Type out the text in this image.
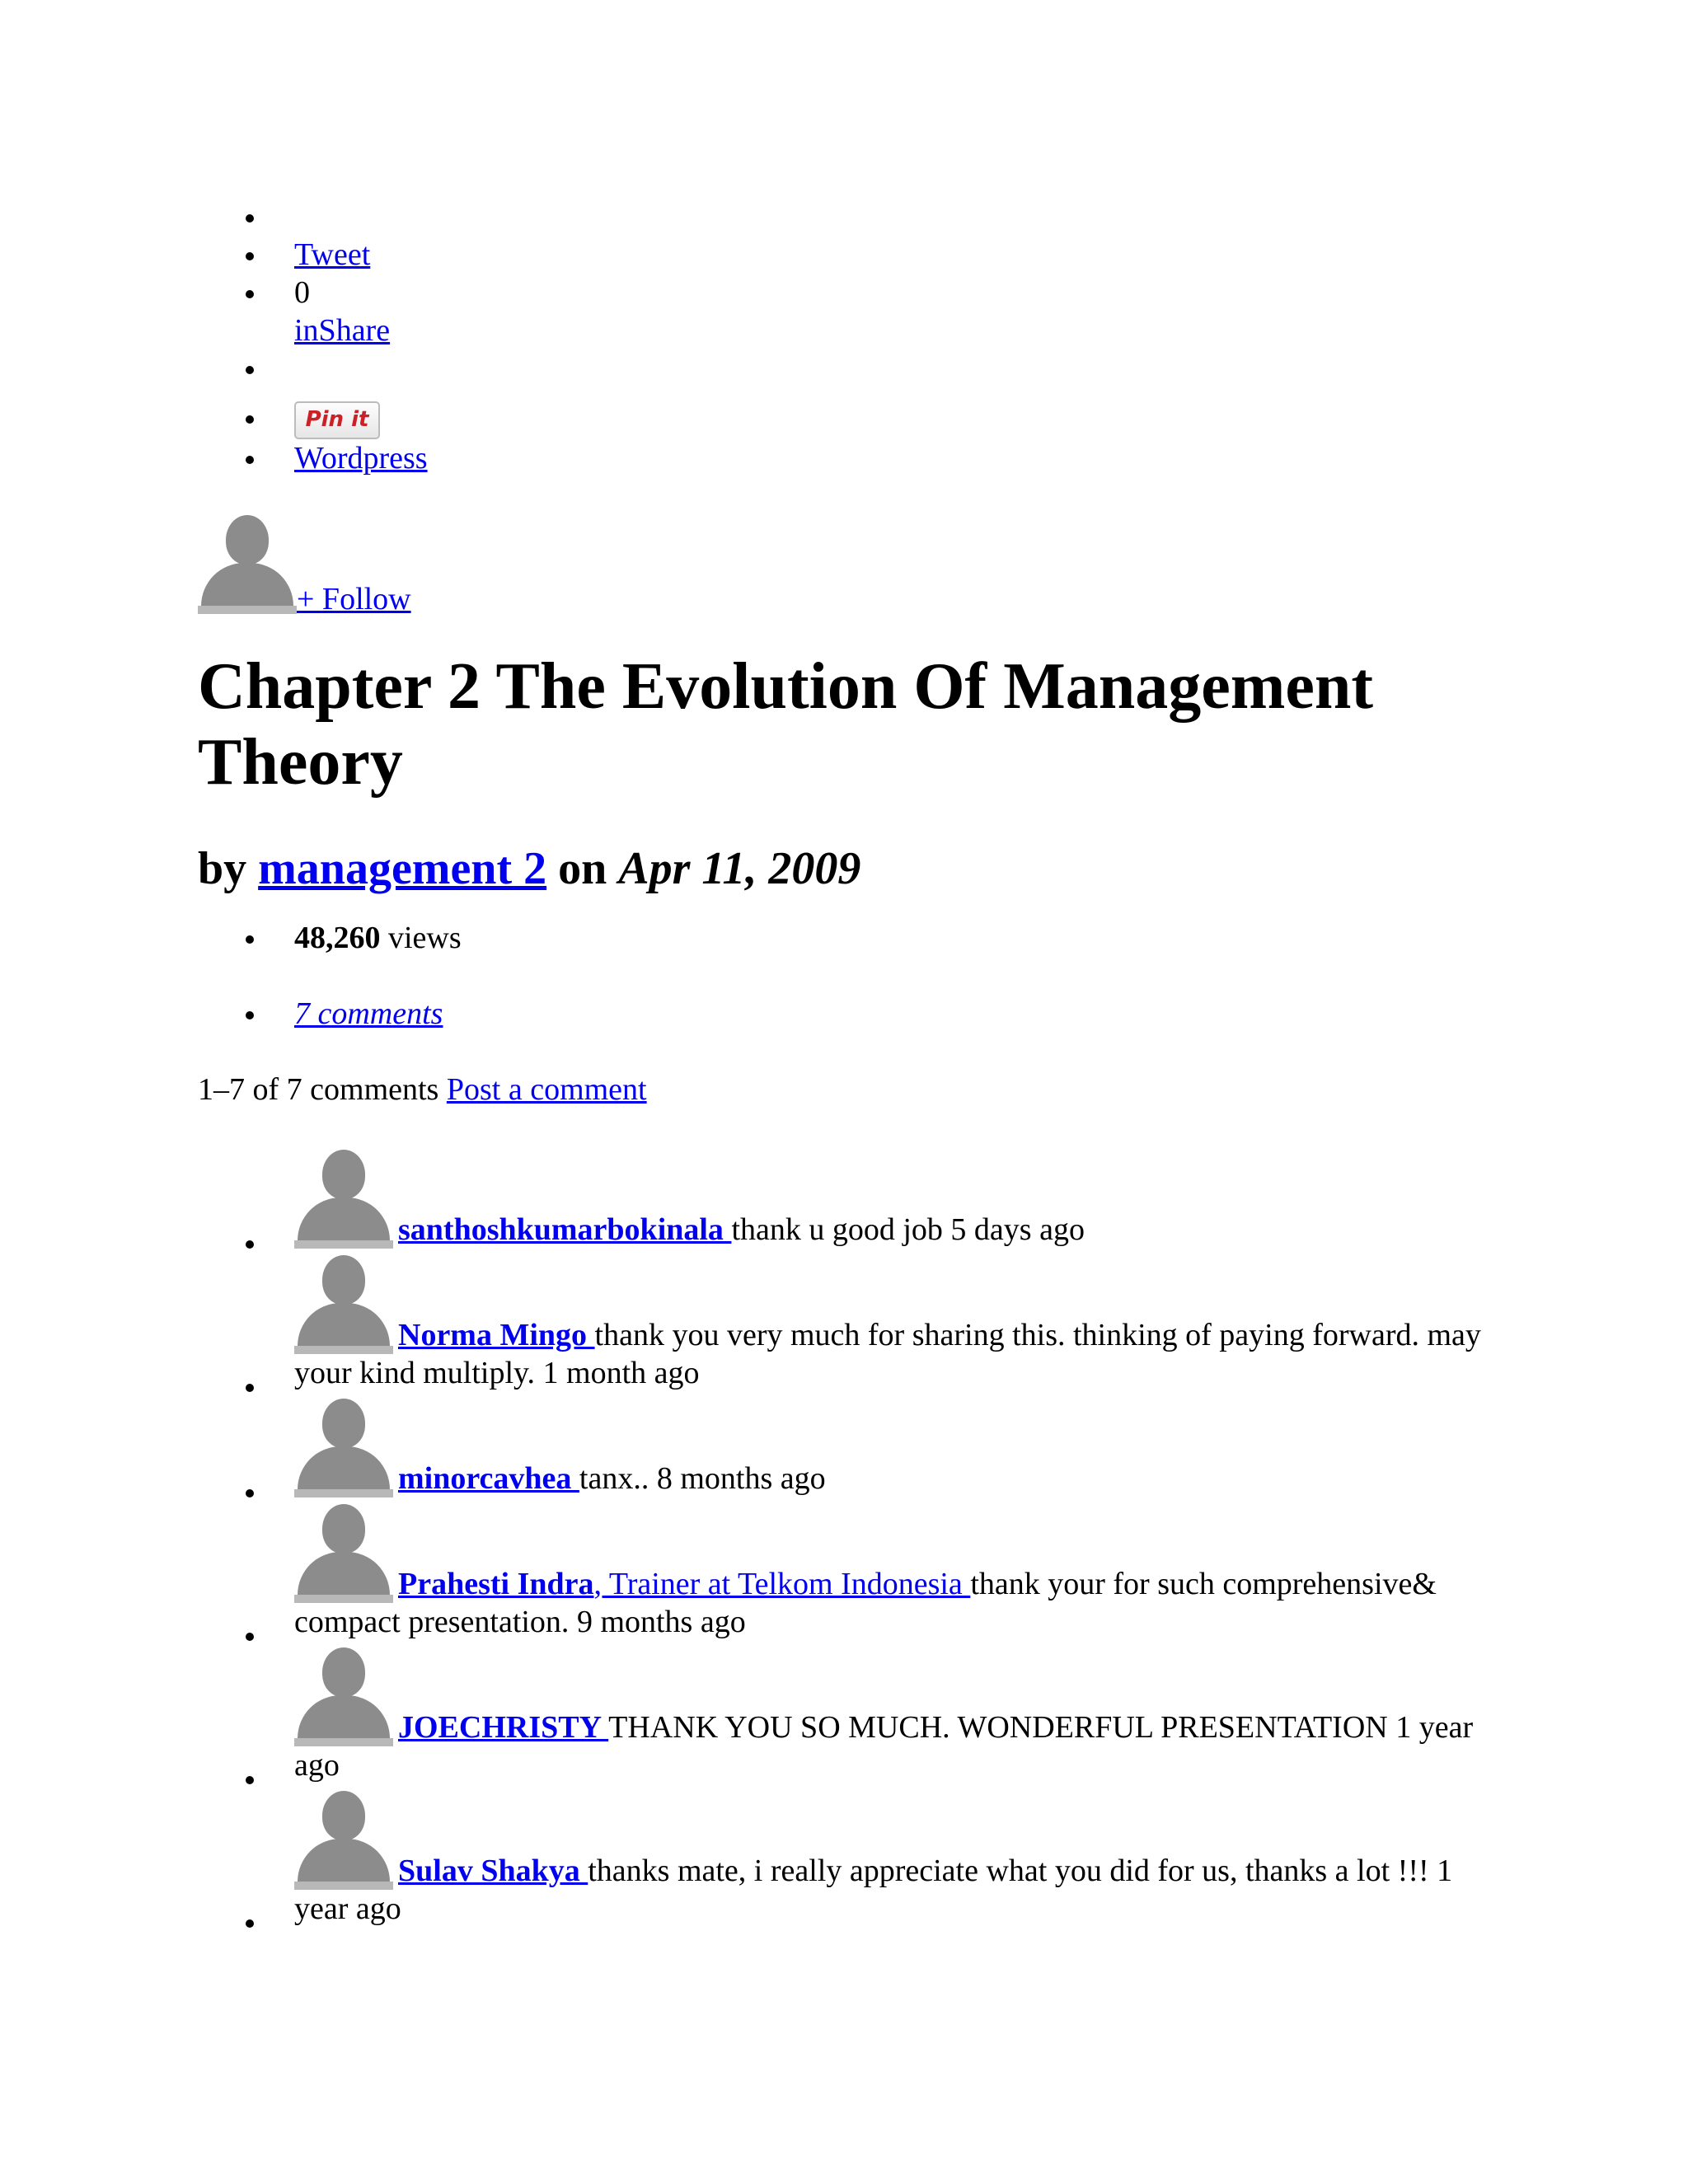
Tweet
0
inShare
Pin it
Wordpress
+ Follow
Chapter 2 The Evolution Of Management Theory
by management 2 on Apr 11, 2009
48,260 views
7 comments
1–7 of 7 comments Post a comment
santhoshkumarbokinala thank u good job 5 days ago
Norma Mingo thank you very much for sharing this. thinking of paying forward. may your kind multiply. 1 month ago
minorcavhea tanx.. 8 months ago
Prahesti Indra, Trainer at Telkom Indonesia thank your for such comprehensive& compact presentation. 9 months ago
JOECHRISTY THANK YOU SO MUCH. WONDERFUL PRESENTATION 1 year ago
Sulav Shakya thanks mate, i really appreciate what you did for us, thanks a lot !!! 1 year ago
